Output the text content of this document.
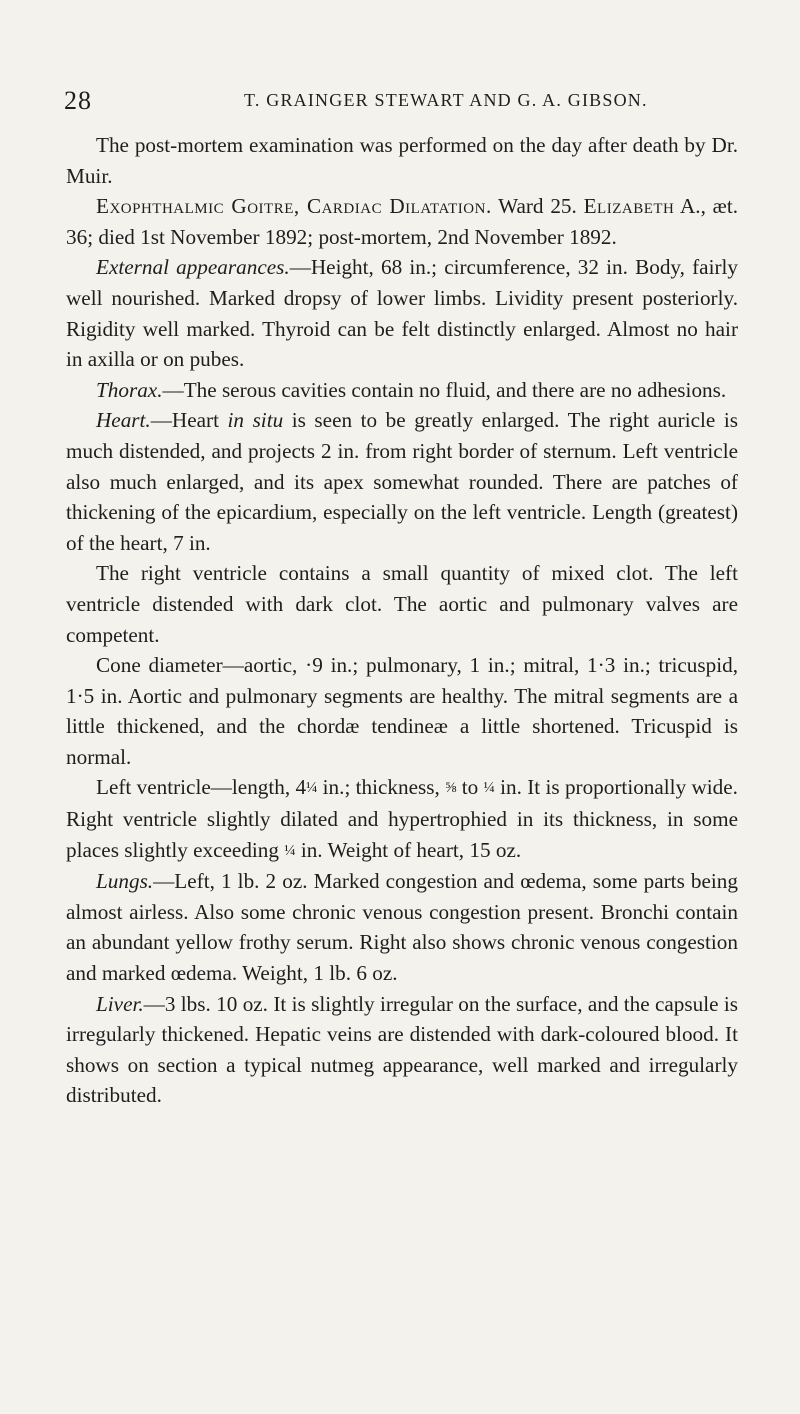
28	T. GRAINGER STEWART AND G. A. GIBSON.

The post-mortem examination was performed on the day after death by Dr. Muir.

Exophthalmic Goitre, Cardiac Dilatation. Ward 25. Elizabeth A., æt. 36; died 1st November 1892; post-mortem, 2nd November 1892.

External appearances.—Height, 68 in.; circumference, 32 in. Body, fairly well nourished. Marked dropsy of lower limbs. Lividity present posteriorly. Rigidity well marked. Thyroid can be felt distinctly enlarged. Almost no hair in axilla or on pubes.

Thorax.—The serous cavities contain no fluid, and there are no adhesions.

Heart.—Heart in situ is seen to be greatly enlarged. The right auricle is much distended, and projects 2 in. from right border of sternum. Left ventricle also much enlarged, and its apex somewhat rounded. There are patches of thickening of the epicardium, especially on the left ventricle. Length (greatest) of the heart, 7 in.

The right ventricle contains a small quantity of mixed clot. The left ventricle distended with dark clot. The aortic and pulmonary valves are competent.

Cone diameter—aortic, ·9 in.; pulmonary, 1 in.; mitral, 1·3 in.; tricuspid, 1·5 in. Aortic and pulmonary segments are healthy. The mitral segments are a little thickened, and the chordæ tendineæ a little shortened. Tricuspid is normal.

Left ventricle—length, 4¼ in.; thickness, ⅝ to ¼ in. It is proportionally wide. Right ventricle slightly dilated and hypertrophied in its thickness, in some places slightly exceeding ¼ in. Weight of heart, 15 oz.

Lungs.—Left, 1 lb. 2 oz. Marked congestion and œdema, some parts being almost airless. Also some chronic venous congestion present. Bronchi contain an abundant yellow frothy serum. Right also shows chronic venous congestion and marked œdema. Weight, 1 lb. 6 oz.

Liver.—3 lbs. 10 oz. It is slightly irregular on the surface, and the capsule is irregularly thickened. Hepatic veins are distended with dark-coloured blood. It shows on section a typical nutmeg appearance, well marked and irregularly distributed.
